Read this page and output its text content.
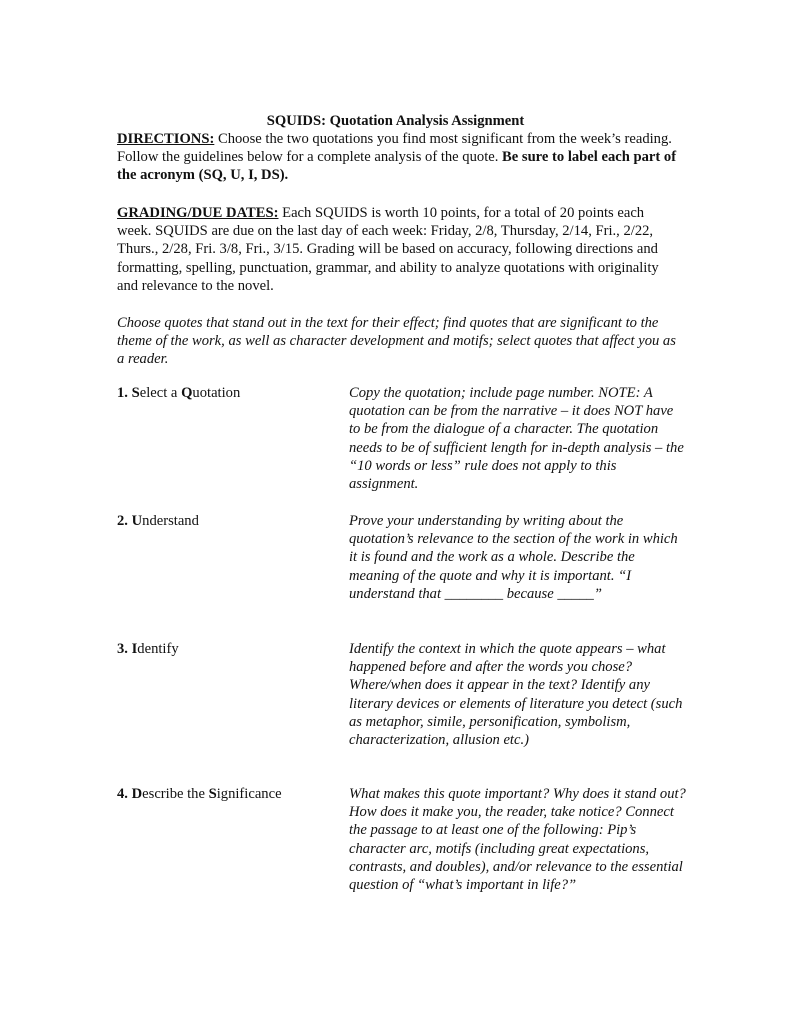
SQUIDS: Quotation Analysis Assignment
DIRECTIONS: Choose the two quotations you find most significant from the week’s reading. Follow the guidelines below for a complete analysis of the quote. Be sure to label each part of the acronym (SQ, U, I, DS).
GRADING/DUE DATES: Each SQUIDS is worth 10 points, for a total of 20 points each week. SQUIDS are due on the last day of each week: Friday, 2/8, Thursday, 2/14, Fri., 2/22, Thurs., 2/28, Fri. 3/8, Fri., 3/15. Grading will be based on accuracy, following directions and formatting, spelling, punctuation, grammar, and ability to analyze quotations with originality and relevance to the novel.
Choose quotes that stand out in the text for their effect; find quotes that are significant to the theme of the work, as well as character development and motifs; select quotes that affect you as a reader.
1. Select a Quotation	Copy the quotation; include page number. NOTE: A quotation can be from the narrative – it does NOT have to be from the dialogue of a character. The quotation needs to be of sufficient length for in-depth analysis – the “10 words or less” rule does not apply to this assignment.
2. Understand	Prove your understanding by writing about the quotation’s relevance to the section of the work in which it is found and the work as a whole. Describe the meaning of the quote and why it is important. “I understand that ________ because _____”
3. Identify	Identify the context in which the quote appears – what happened before and after the words you chose? Where/when does it appear in the text? Identify any literary devices or elements of literature you detect (such as metaphor, simile, personification, symbolism, characterization, allusion etc.)
4. Describe the Significance	What makes this quote important? Why does it stand out? How does it make you, the reader, take notice? Connect the passage to at least one of the following: Pip’s character arc, motifs (including great expectations, contrasts, and doubles), and/or relevance to the essential question of “what’s important in life?”
